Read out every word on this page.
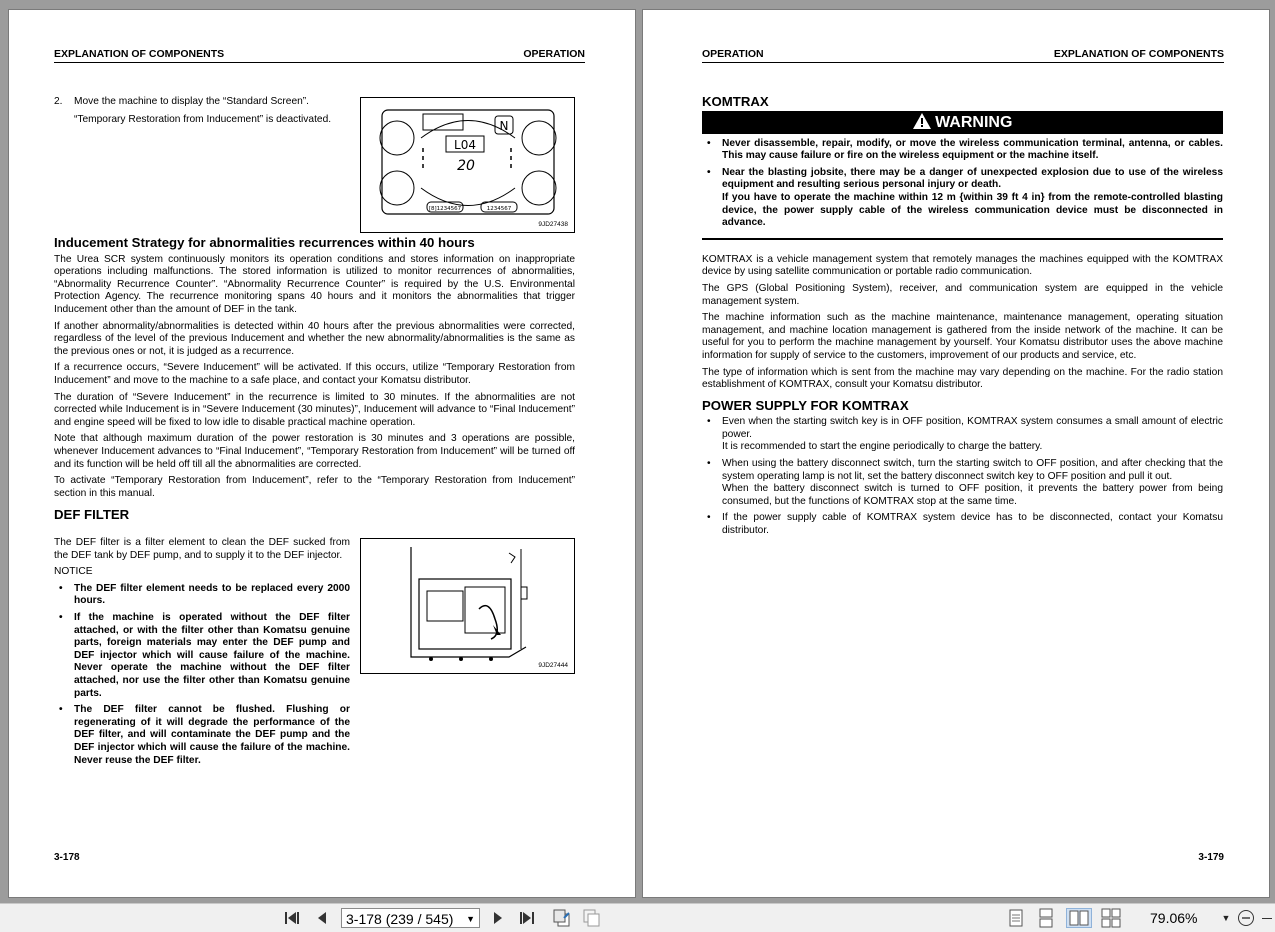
EXPLANATION OF COMPONENTS	OPERATION
2. Move the machine to display the “Standard Screen”.
“Temporary Restoration from Inducement” is deactivated.
L04
20
N
[8]1234567	1234567
9JD27438
Inducement Strategy for abnormalities recurrences within 40 hours

The Urea SCR system continuously monitors its operation conditions and stores information on inappropriate operations including malfunctions. The stored information is utilized to monitor recurrences of abnormalities, “Abnormality Recurrence Counter”. “Abnormality Recurrence Counter” is required by the U.S. Environmental Protection Agency. The recurrence monitoring spans 40 hours and it monitors the abnormalities that trigger Inducement other than the amount of DEF in the tank.

If another abnormality/abnormalities is detected within 40 hours after the previous abnormalities were corrected, regardless of the level of the previous Inducement and whether the new abnormality/abnormalities is the same as the previous ones or not, it is judged as a recurrence.

If a recurrence occurs, “Severe Inducement” will be activated. If this occurs, utilize “Temporary Restoration from Inducement” and move to the machine to a safe place, and contact your Komatsu distributor.

The duration of “Severe Inducement” in the recurrence is limited to 30 minutes. If the abnormalities are not corrected while Inducement is in “Severe Inducement (30 minutes)”, Inducement will advance to “Final Inducement” and engine speed will be fixed to low idle to disable practical machine operation.

Note that although maximum duration of the power restoration is 30 minutes and 3 operations are possible, whenever Inducement advances to “Final Inducement”, “Temporary Restoration from Inducement” will be turned off and its function will be held off till all the abnormalities are corrected.

To activate “Temporary Restoration from Inducement”, refer to the “Temporary Restoration from Inducement” section in this manual.

DEF FILTER

The DEF filter is a filter element to clean the DEF sucked from the DEF tank by DEF pump, and to supply it to the DEF injector.

NOTICE
• The DEF filter element needs to be replaced every 2000 hours.
• If the machine is operated without the DEF filter attached, or with the filter other than Komatsu genuine parts, foreign materials may enter the DEF pump and DEF injector which will cause failure of the machine. Never operate the machine without the DEF filter attached, nor use the filter other than Komatsu genuine parts.
• The DEF filter cannot be flushed. Flushing or regenerating of it will degrade the performance of the DEF filter, and will contaminate the DEF pump and the DEF injector which will cause the failure of the machine. Never reuse the DEF filter.
9JD27444
3-178
OPERATION	EXPLANATION OF COMPONENTS
KOMTRAX
WARNING
• Never disassemble, repair, modify, or move the wireless communication terminal, antenna, or cables. This may cause failure or fire on the wireless equipment or the machine itself.
• Near the blasting jobsite, there may be a danger of unexpected explosion due to use of the wireless equipment and resulting serious personal injury or death.
If you have to operate the machine within 12 m {within 39 ft 4 in} from the remote-controlled blasting device, the power supply cable of the wireless communication device must be disconnected in advance.

KOMTRAX is a vehicle management system that remotely manages the machines equipped with the KOMTRAX device by using satellite communication or portable radio communication.

The GPS (Global Positioning System), receiver, and communication system are equipped in the vehicle management system.

The machine information such as the machine maintenance, maintenance management, operating situation management, and machine location management is gathered from the inside network of the machine. It can be useful for you to perform the machine management by yourself. Your Komatsu distributor uses the above machine information for supply of service to the customers, improvement of our products and service, etc.

The type of information which is sent from the machine may vary depending on the machine. For the radio station establishment of KOMTRAX, consult your Komatsu distributor.

POWER SUPPLY FOR KOMTRAX
• Even when the starting switch key is in OFF position, KOMTRAX system consumes a small amount of electric power.
It is recommended to start the engine periodically to charge the battery.
• When using the battery disconnect switch, turn the starting switch to OFF position, and after checking that the system operating lamp is not lit, set the battery disconnect switch key to OFF position and pull it out.
When the battery disconnect switch is turned to OFF position, it prevents the battery power from being consumed, but the functions of KOMTRAX stop at the same time.
• If the power supply cable of KOMTRAX system device has to be disconnected, contact your Komatsu distributor.
3-179
3-178 (239 / 545) ▼	79.06%	▼
